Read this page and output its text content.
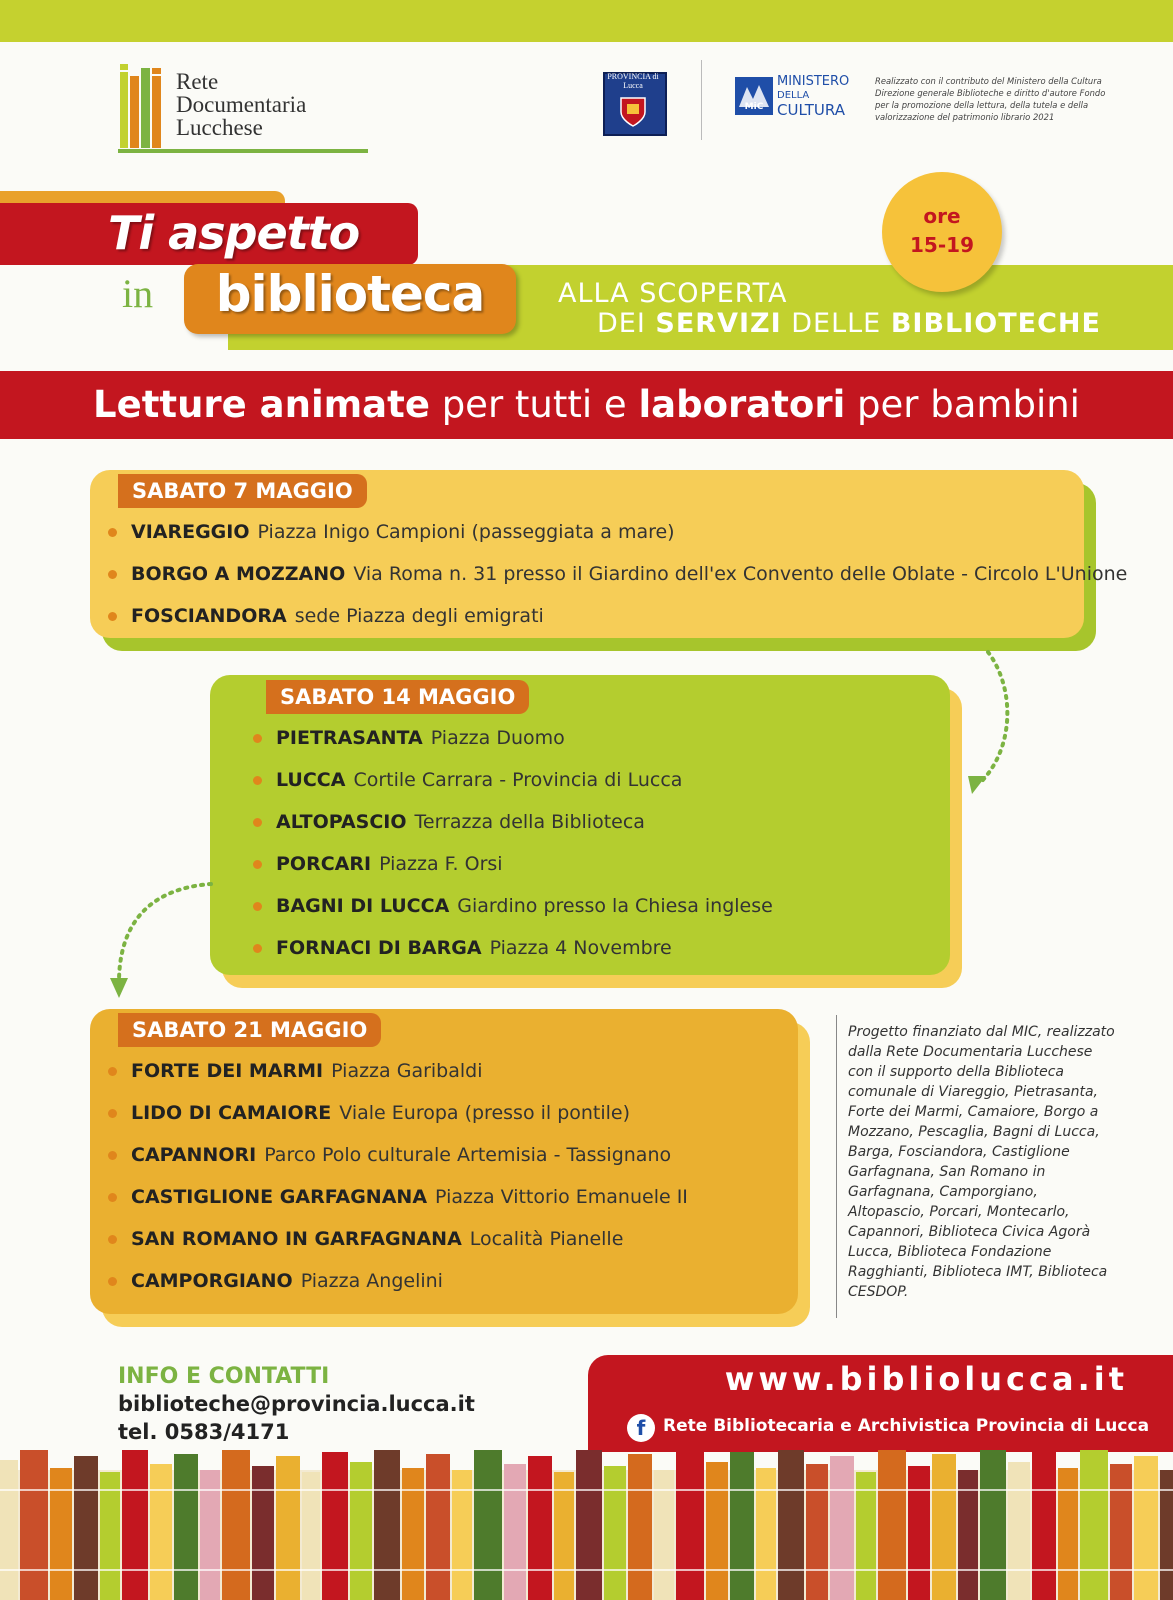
Rete
Documentaria
Lucchese
PROVINCIA di Lucca
MiC
MINISTERO
DELLA
CULTURA
Realizzato con il contributo del Ministero della Cultura Direzione generale Biblioteche e diritto d'autore Fondo per la promozione della lettura, della tutela e della valorizzazione del patrimonio librario 2021
Ti aspetto
in	biblioteca	ALLA SCOPERTA
DEI SERVIZI DELLE BIBLIOTECHE
ore
15-19
Letture animate per tutti e laboratori per bambini
SABATO 7 MAGGIO
VIAREGGIO Piazza Inigo Campioni (passeggiata a mare)
BORGO A MOZZANO Via Roma n. 31 presso il Giardino dell'ex Convento delle Oblate - Circolo L'Unione
FOSCIANDORA sede Piazza degli emigrati
SABATO 14 MAGGIO
PIETRASANTA Piazza Duomo
LUCCA Cortile Carrara - Provincia di Lucca
ALTOPASCIO Terrazza della Biblioteca
PORCARI Piazza F. Orsi
BAGNI DI LUCCA Giardino presso la Chiesa inglese
FORNACI DI BARGA Piazza 4 Novembre
SABATO 21 MAGGIO
FORTE DEI MARMI Piazza Garibaldi
LIDO DI CAMAIORE Viale Europa (presso il pontile)
CAPANNORI Parco Polo culturale Artemisia - Tassignano
CASTIGLIONE GARFAGNANA Piazza Vittorio Emanuele II
SAN ROMANO IN GARFAGNANA Località Pianelle
CAMPORGIANO Piazza Angelini
Progetto finanziato dal MIC, realizzato dalla Rete Documentaria Lucchese con il supporto della Biblioteca comunale di Viareggio, Pietrasanta, Forte dei Marmi, Camaiore, Borgo a Mozzano, Pescaglia, Bagni di Lucca, Barga, Fosciandora, Castiglione Garfagnana, San Romano in Garfagnana, Camporgiano, Altopascio, Porcari, Montecarlo, Capannori, Biblioteca Civica Agorà Lucca, Biblioteca Fondazione Ragghianti, Biblioteca IMT, Biblioteca CESDOP.
INFO E CONTATTI
biblioteche@provincia.lucca.it
tel. 0583/4171
www.bibliolucca.it
f	Rete Bibliotecaria e Archivistica Provincia di Lucca
